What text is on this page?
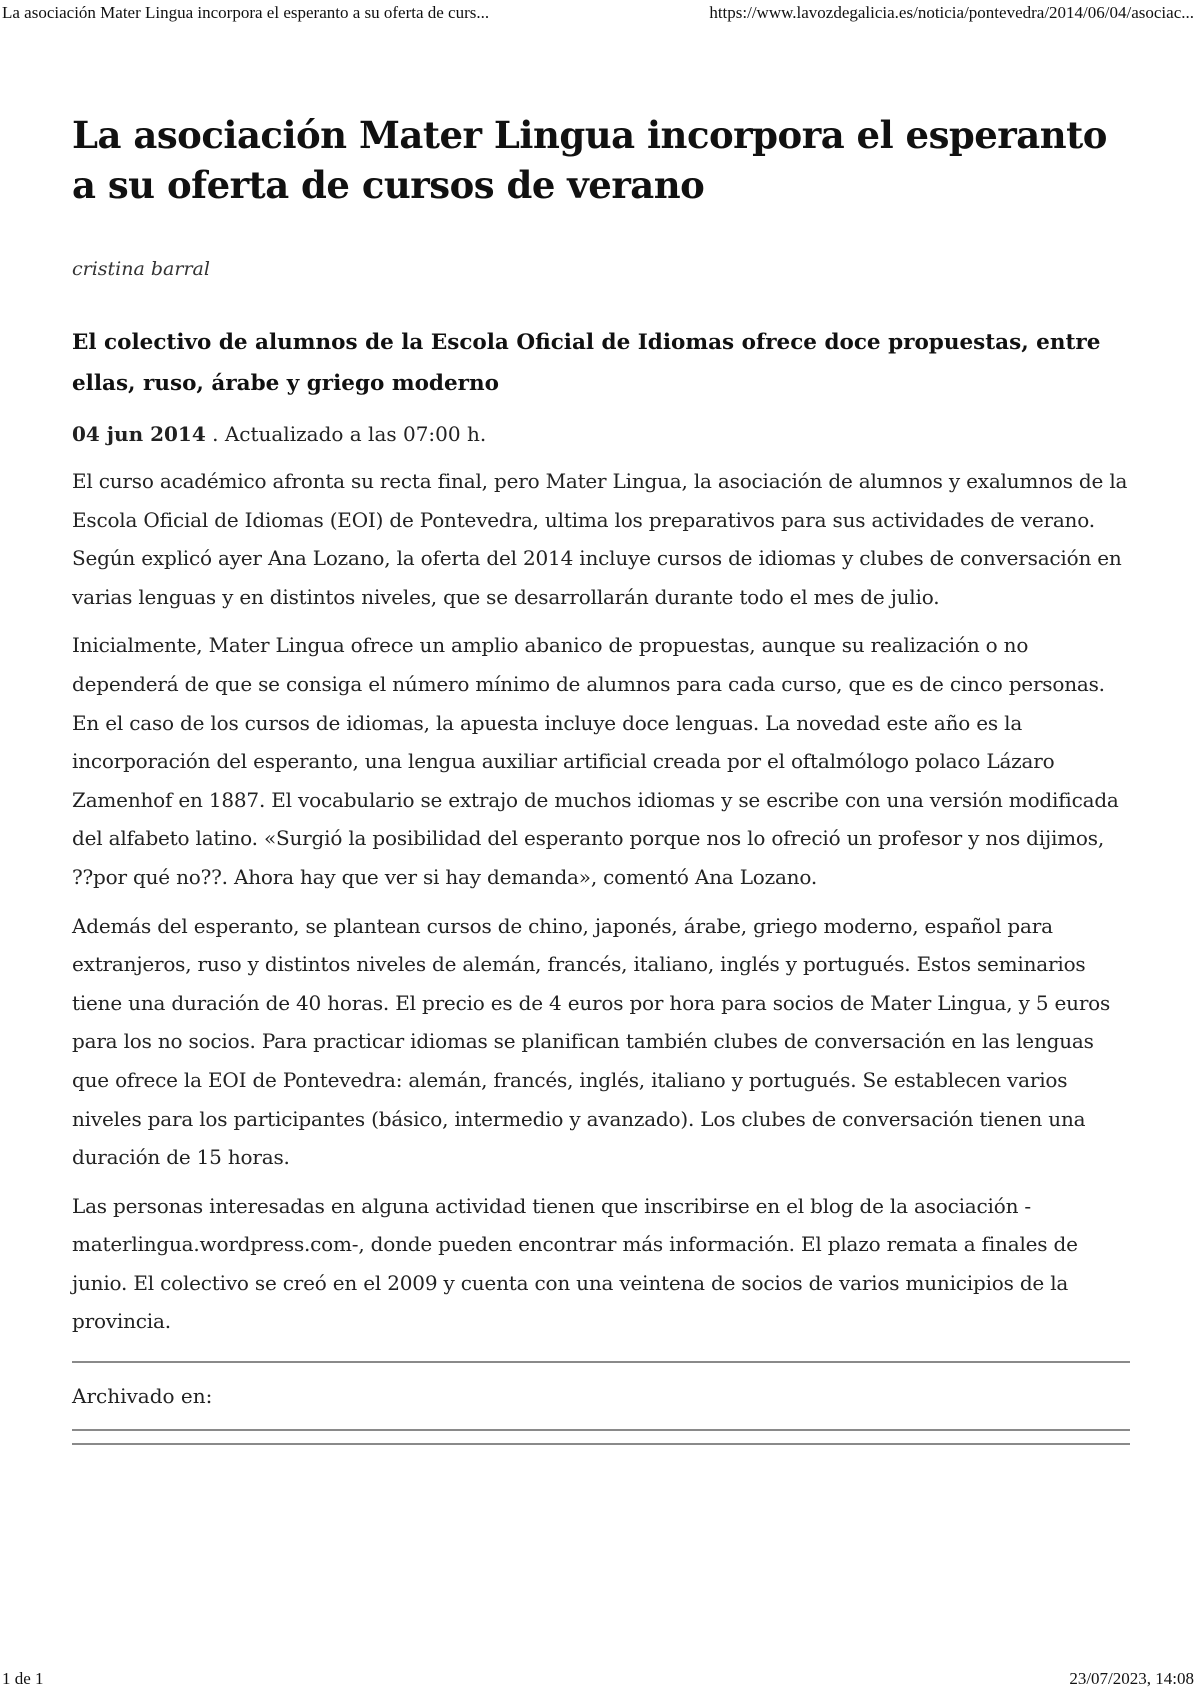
La asociación Mater Lingua incorpora el esperanto a su oferta de curs...	https://www.lavozdegalicia.es/noticia/pontevedra/2014/06/04/asociac...
La asociación Mater Lingua incorpora el esperanto a su oferta de cursos de verano
cristina barral
El colectivo de alumnos de la Escola Oficial de Idiomas ofrece doce propuestas, entre ellas, ruso, árabe y griego moderno
04 jun 2014 . Actualizado a las 07:00 h.

El curso académico afronta su recta final, pero Mater Lingua, la asociación de alumnos y exalumnos de la Escola Oficial de Idiomas (EOI) de Pontevedra, ultima los preparativos para sus actividades de verano. Según explicó ayer Ana Lozano, la oferta del 2014 incluye cursos de idiomas y clubes de conversación en varias lenguas y en distintos niveles, que se desarrollarán durante todo el mes de julio.

Inicialmente, Mater Lingua ofrece un amplio abanico de propuestas, aunque su realización o no dependerá de que se consiga el número mínimo de alumnos para cada curso, que es de cinco personas. En el caso de los cursos de idiomas, la apuesta incluye doce lenguas. La novedad este año es la incorporación del esperanto, una lengua auxiliar artificial creada por el oftalmólogo polaco Lázaro Zamenhof en 1887. El vocabulario se extrajo de muchos idiomas y se escribe con una versión modificada del alfabeto latino. «Surgió la posibilidad del esperanto porque nos lo ofreció un profesor y nos dijimos, ??por qué no??. Ahora hay que ver si hay demanda», comentó Ana Lozano.

Además del esperanto, se plantean cursos de chino, japonés, árabe, griego moderno, español para extranjeros, ruso y distintos niveles de alemán, francés, italiano, inglés y portugués. Estos seminarios tiene una duración de 40 horas. El precio es de 4 euros por hora para socios de Mater Lingua, y 5 euros para los no socios. Para practicar idiomas se planifican también clubes de conversación en las lenguas que ofrece la EOI de Pontevedra: alemán, francés, inglés, italiano y portugués. Se establecen varios niveles para los participantes (básico, intermedio y avanzado). Los clubes de conversación tienen una duración de 15 horas.

Las personas interesadas en alguna actividad tienen que inscribirse en el blog de la asociación -materlingua.wordpress.com-, donde pueden encontrar más información. El plazo remata a finales de junio. El colectivo se creó en el 2009 y cuenta con una veintena de socios de varios municipios de la provincia.

Archivado en:
1 de 1	23/07/2023, 14:08
